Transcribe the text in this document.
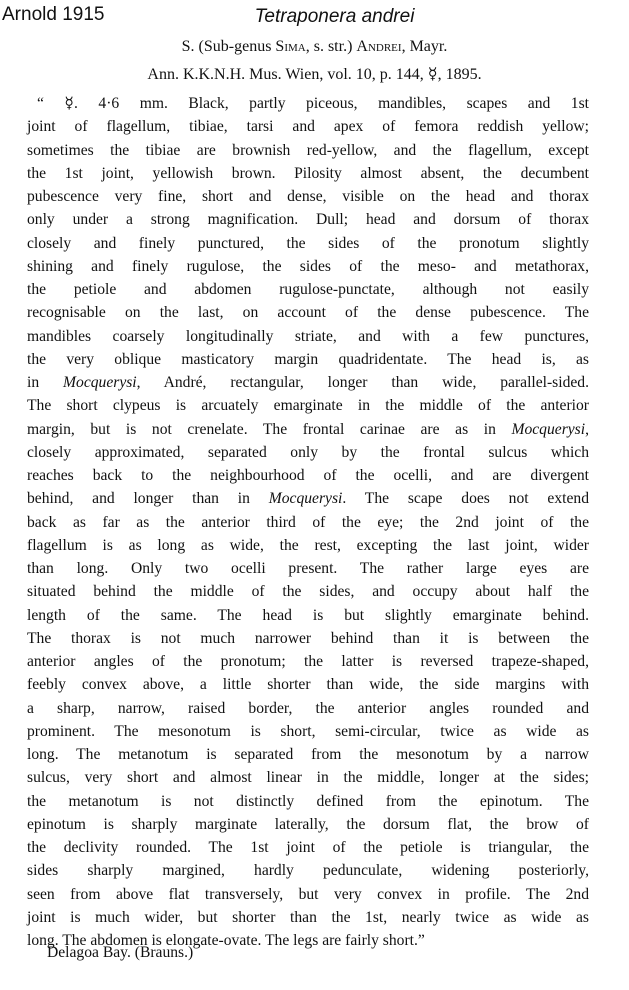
Arnold 1915	Tetraponera andrei
S. (Sub-genus Sima, s. str.) Andrei, Mayr.
Ann. K.K.N.H. Mus. Wien, vol. 10, p. 144, ☿, 1895.
“ ☿. 4·6 mm. Black, partly piceous, mandibles, scapes and 1st
joint of flagellum, tibiae, tarsi and apex of femora reddish yellow;
sometimes the tibiae are brownish red-yellow, and the flagellum, except
the 1st joint, yellowish brown. Pilosity almost absent, the decumbent
pubescence very fine, short and dense, visible on the head and thorax
only under a strong magnification. Dull; head and dorsum of thorax
closely and finely punctured, the sides of the pronotum slightly
shining and finely rugulose, the sides of the meso- and metathorax,
the petiole and abdomen rugulose-punctate, although not easily
recognisable on the last, on account of the dense pubescence. The
mandibles coarsely longitudinally striate, and with a few punctures,
the very oblique masticatory margin quadridentate. The head is, as
in Mocquerysi, André, rectangular, longer than wide, parallel-sided.
The short clypeus is arcuately emarginate in the middle of the anterior
margin, but is not crenelate. The frontal carinae are as in Mocquerysi,
closely approximated, separated only by the frontal sulcus which
reaches back to the neighbourhood of the ocelli, and are divergent
behind, and longer than in Mocquerysi. The scape does not extend
back as far as the anterior third of the eye; the 2nd joint of the
flagellum is as long as wide, the rest, excepting the last joint, wider
than long. Only two ocelli present. The rather large eyes are
situated behind the middle of the sides, and occupy about half the
length of the same. The head is but slightly emarginate behind.
The thorax is not much narrower behind than it is between the
anterior angles of the pronotum; the latter is reversed trapeze-shaped,
feebly convex above, a little shorter than wide, the side margins with
a sharp, narrow, raised border, the anterior angles rounded and
prominent. The mesonotum is short, semi-circular, twice as wide as
long. The metanotum is separated from the mesonotum by a narrow
sulcus, very short and almost linear in the middle, longer at the sides;
the metanotum is not distinctly defined from the epinotum. The
epinotum is sharply marginate laterally, the dorsum flat, the brow of
the declivity rounded. The 1st joint of the petiole is triangular, the
sides sharply margined, hardly pedunculate, widening posteriorly,
seen from above flat transversely, but very convex in profile. The 2nd
joint is much wider, but shorter than the 1st, nearly twice as wide as
long. The abdomen is elongate-ovate. The legs are fairly short.”
Delagoa Bay. (Brauns.)
